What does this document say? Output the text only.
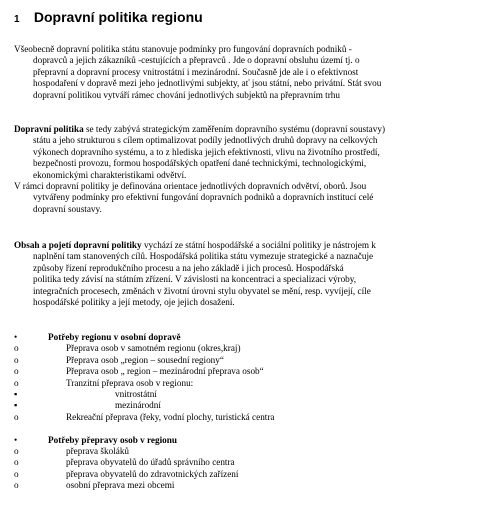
1 Dopravní politika regionu
Všeobecně dopravní politika státu stanovuje podmínky pro fungování dopravních podniků -
dopravců a jejich zákazníků -cestujících a přepravců . Jde o dopravní obsluhu území tj. o
přepravní a dopravní procesy vnitrostátní i mezinárodní. Současně jde ale i o efektivnost
hospodaření v dopravě mezi jeho jednotlivými subjekty, ať jsou státní, nebo privátní. Stát svou
dopravní politikou vytváří rámec chování jednotlivých subjektů na přepravním trhu
Dopravní politika se tedy zabývá strategickým zaměřením dopravního systému (dopravní soustavy)
státu a jeho strukturou s cílem optimalizovat podíly jednotlivých druhů dopravy na celkových
výkonech dopravního systému, a to z hlediska jejich efektivnosti, vlivu na životního prostředí,
bezpečnosti provozu, formou hospodářských opatření dané technickými, technologickými,
ekonomickými charakteristikami odvětví.
V rámci dopravní politiky je definována orientace jednotlivých dopravních odvětví, oborů. Jsou
vytvářeny podmínky pro efektivní fungování dopravních podniků a dopravních institucí celé
dopravní soustavy.
Obsah a pojetí dopravní politiky vychází ze státní hospodářské a sociální politiky je nástrojem k
naplnění tam stanovených cílů. Hospodářská politika státu vymezuje strategické a naznačuje
způsoby řízení reprodukčního procesu a na jeho základě i jich procesů. Hospodářská
politika tedy závisí na státním zřízení. V závislosti na koncentraci a specializaci výroby,
integračních procesech, změnách v životní úrovni stylu obyvatel se mění, resp. vyvíjejí, cíle
hospodářské politiky a její metody, oje jejich dosažení.
•	Potřeby regionu v osobní dopravě
o	Přeprava osob v samotném regionu (okres,kraj)
o	Přeprava osob „region – sousední regiony“
o	Přeprava osob „ region – mezinárodní přeprava osob“
o	Tranzitní přeprava osob v regionu:
▪	vnitrostátní
▪	mezinárodní
o	Rekreační přeprava (řeky, vodní plochy, turistická centra
•	Potřeby přepravy osob v regionu
o	přeprava školáků
o	přeprava obyvatelů do úřadů správního centra
o	přeprava obyvatelů do zdravotnických zařízení
o	osobní přeprava mezi obcemi
